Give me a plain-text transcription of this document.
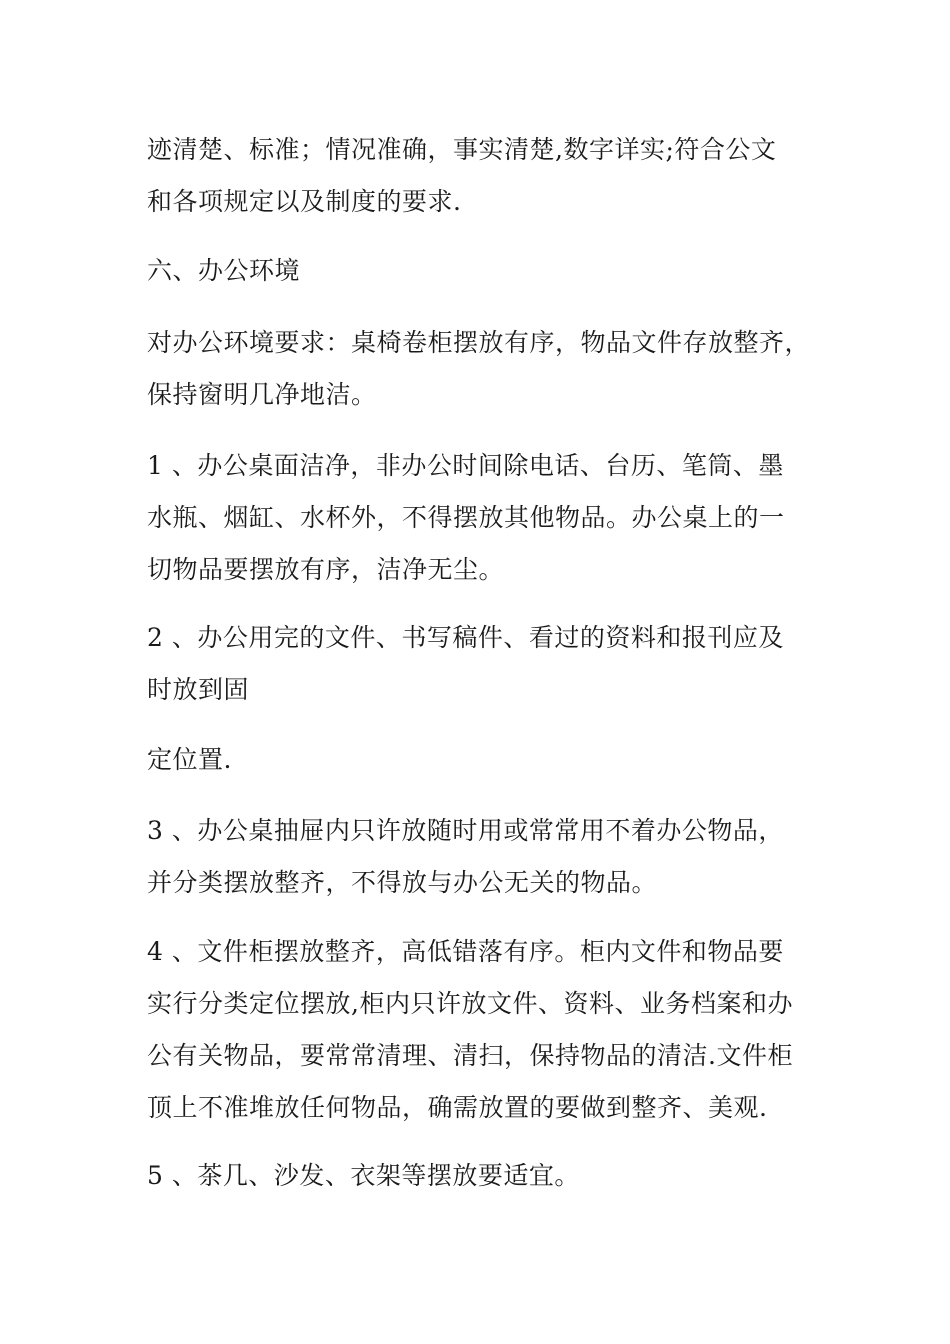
迹清楚、标准；情况准确，事实清楚,数字详实;符合公文
和各项规定以及制度的要求.

六、办公环境

对办公环境要求：桌椅卷柜摆放有序，物品文件存放整齐，
保持窗明几净地洁。

1 、办公桌面洁净，非办公时间除电话、台历、笔筒、墨
水瓶、烟缸、水杯外，不得摆放其他物品。办公桌上的一
切物品要摆放有序，洁净无尘。

2 、办公用完的文件、书写稿件、看过的资料和报刊应及
时放到固

定位置.

3 、办公桌抽屉内只许放随时用或常常用不着办公物品，
并分类摆放整齐，不得放与办公无关的物品。

4 、文件柜摆放整齐，高低错落有序。柜内文件和物品要
实行分类定位摆放,柜内只许放文件、资料、业务档案和办
公有关物品，要常常清理、清扫，保持物品的清洁.文件柜
顶上不准堆放任何物品，确需放置的要做到整齐、美观.

5 、茶几、沙发、衣架等摆放要适宜。
